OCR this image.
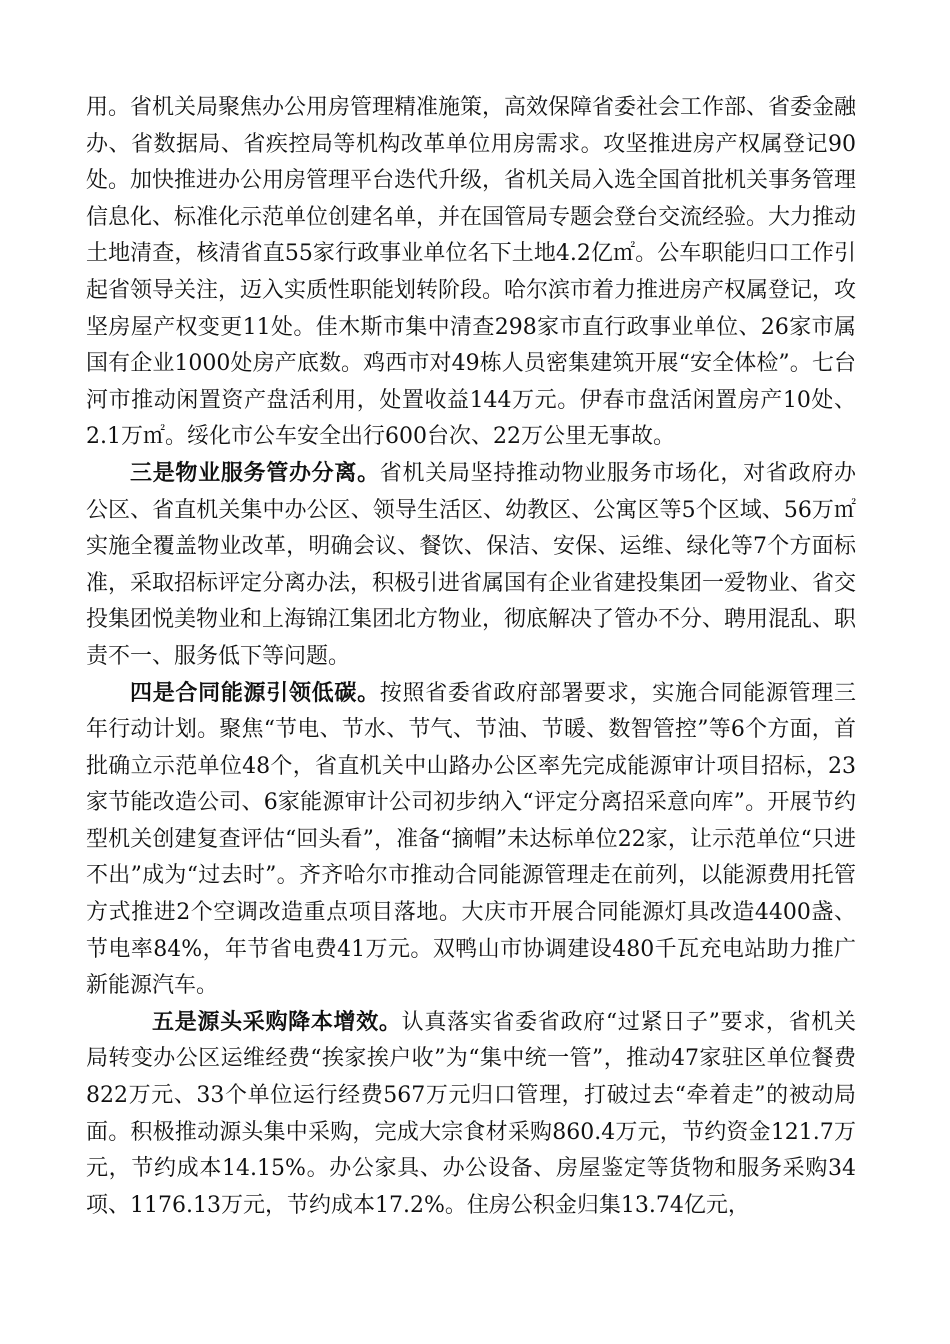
用。省机关局聚焦办公用房管理精准施策，高效保障省委社会工作部、省委金融办、省数据局、省疾控局等机构改革单位用房需求。攻坚推进房产权属登记90处。加快推进办公用房管理平台迭代升级，省机关局入选全国首批机关事务管理信息化、标准化示范单位创建名单，并在国管局专题会登台交流经验。大力推动土地清查，核清省直55家行政事业单位名下土地4.2亿㎡。公车职能归口工作引起省领导关注，迈入实质性职能划转阶段。哈尔滨市着力推进房产权属登记，攻坚房屋产权变更11处。佳木斯市集中清查298家市直行政事业单位、26家市属国有企业1000处房产底数。鸡西市对49栋人员密集建筑开展“安全体检”。七台河市推动闲置资产盘活利用，处置收益144万元。伊春市盘活闲置房产10处、2.1万㎡。绥化市公车安全出行600台次、22万公里无事故。

三是物业服务管办分离。省机关局坚持推动物业服务市场化，对省政府办公区、省直机关集中办公区、领导生活区、幼教区、公寓区等5个区域、56万㎡实施全覆盖物业改革，明确会议、餐饮、保洁、安保、运维、绿化等7个方面标准，采取招标评定分离办法，积极引进省属国有企业省建投集团一爱物业、省交投集团悦美物业和上海锦江集团北方物业，彻底解决了管办不分、聘用混乱、职责不一、服务低下等问题。

四是合同能源引领低碳。按照省委省政府部署要求，实施合同能源管理三年行动计划。聚焦“节电、节水、节气、节油、节暖、数智管控”等6个方面，首批确立示范单位48个，省直机关中山路办公区率先完成能源审计项目招标，23家节能改造公司、6家能源审计公司初步纳入“评定分离招采意向库”。开展节约型机关创建复查评估“回头看”，准备“摘帽”未达标单位22家，让示范单位“只进不出”成为“过去时”。齐齐哈尔市推动合同能源管理走在前列，以能源费用托管方式推进2个空调改造重点项目落地。大庆市开展合同能源灯具改造4400盏、节电率84%，年节省电费41万元。双鸭山市协调建设480千瓦充电站助力推广新能源汽车。

五是源头采购降本增效。认真落实省委省政府“过紧日子”要求，省机关局转变办公区运维经费“挨家挨户收”为“集中统一管”，推动47家驻区单位餐费822万元、33个单位运行经费567万元归口管理，打破过去“牵着走”的被动局面。积极推动源头集中采购，完成大宗食材采购860.4万元，节约资金121.7万元，节约成本14.15%。办公家具、办公设备、房屋鉴定等货物和服务采购34项、1176.13万元，节约成本17.2%。住房公积金归集13.74亿元，
